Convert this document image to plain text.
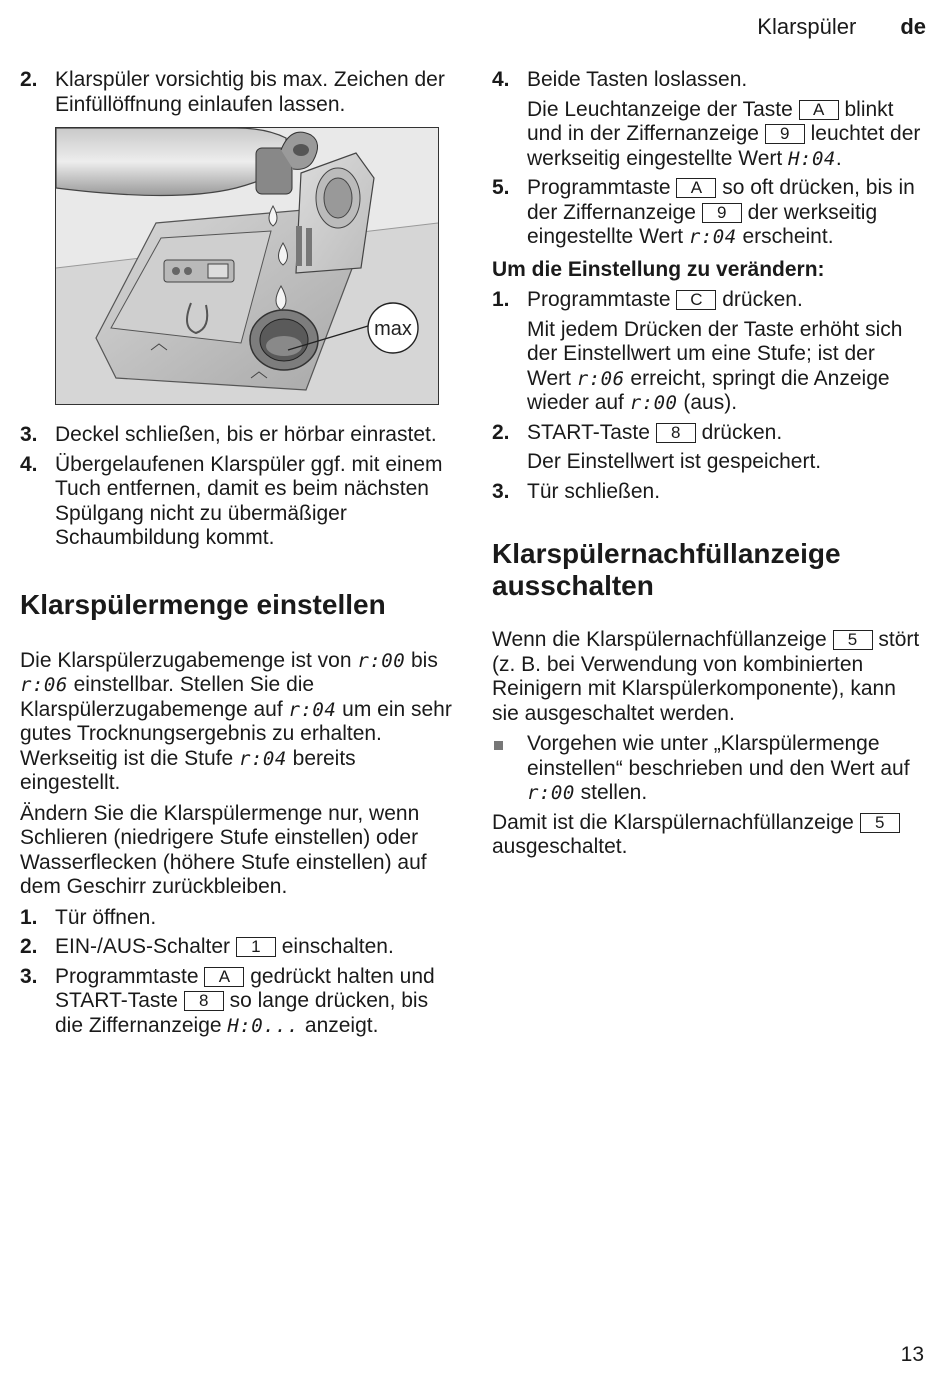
Klarspüler de
2. Klarspüler vorsichtig bis max. Zeichen der Einfüllöffnung einlaufen lassen.
max
3. Deckel schließen, bis er hörbar einrastet.
4. Übergelaufenen Klarspüler ggf. mit einem Tuch entfernen, damit es beim nächsten Spülgang nicht zu übermäßiger Schaumbildung kommt.
Klarspülermenge einstellen

Die Klarspülerzugabemenge ist von r:00 bis r:06 einstellbar. Stellen Sie die Klarspülerzugabemenge auf r:04 um ein sehr gutes Trocknungsergebnis zu erhalten. Werkseitig ist die Stufe r:04 bereits eingestellt.

Ändern Sie die Klarspülermenge nur, wenn Schlieren (niedrigere Stufe einstellen) oder Wasserflecken (höhere Stufe einstellen) auf dem Geschirr zurückbleiben.

1. Tür öffnen.
2. EIN-/AUS-Schalter 1 einschalten.
3. Programmtaste A gedrückt halten und START-Taste 8 so lange drücken, bis die Ziffernanzeige H:0... anzeigt.
4. Beide Tasten loslassen.
Die Leuchtanzeige der Taste A blinkt und in der Ziffernanzeige 9 leuchtet der werkseitig eingestellte Wert H:04.
5. Programmtaste A so oft drücken, bis in der Ziffernanzeige 9 der werkseitig eingestellte Wert r:04 erscheint.
Um die Einstellung zu verändern:
1. Programmtaste C drücken.
Mit jedem Drücken der Taste erhöht sich der Einstellwert um eine Stufe; ist der Wert r:06 erreicht, springt die Anzeige wieder auf r:00 (aus).
2. START-Taste 8 drücken.
Der Einstellwert ist gespeichert.
3. Tür schließen.
Klarspülernachfüllanzeige ausschalten

Wenn die Klarspülernachfüllanzeige 5 stört (z. B. bei Verwendung von kombinierten Reinigern mit Klarspülerkomponente), kann sie ausgeschaltet werden.

Vorgehen wie unter „Klarspülermenge einstellen“ beschrieben und den Wert auf r:00 stellen.

Damit ist die Klarspülernachfüllanzeige 5 ausgeschaltet.

13
